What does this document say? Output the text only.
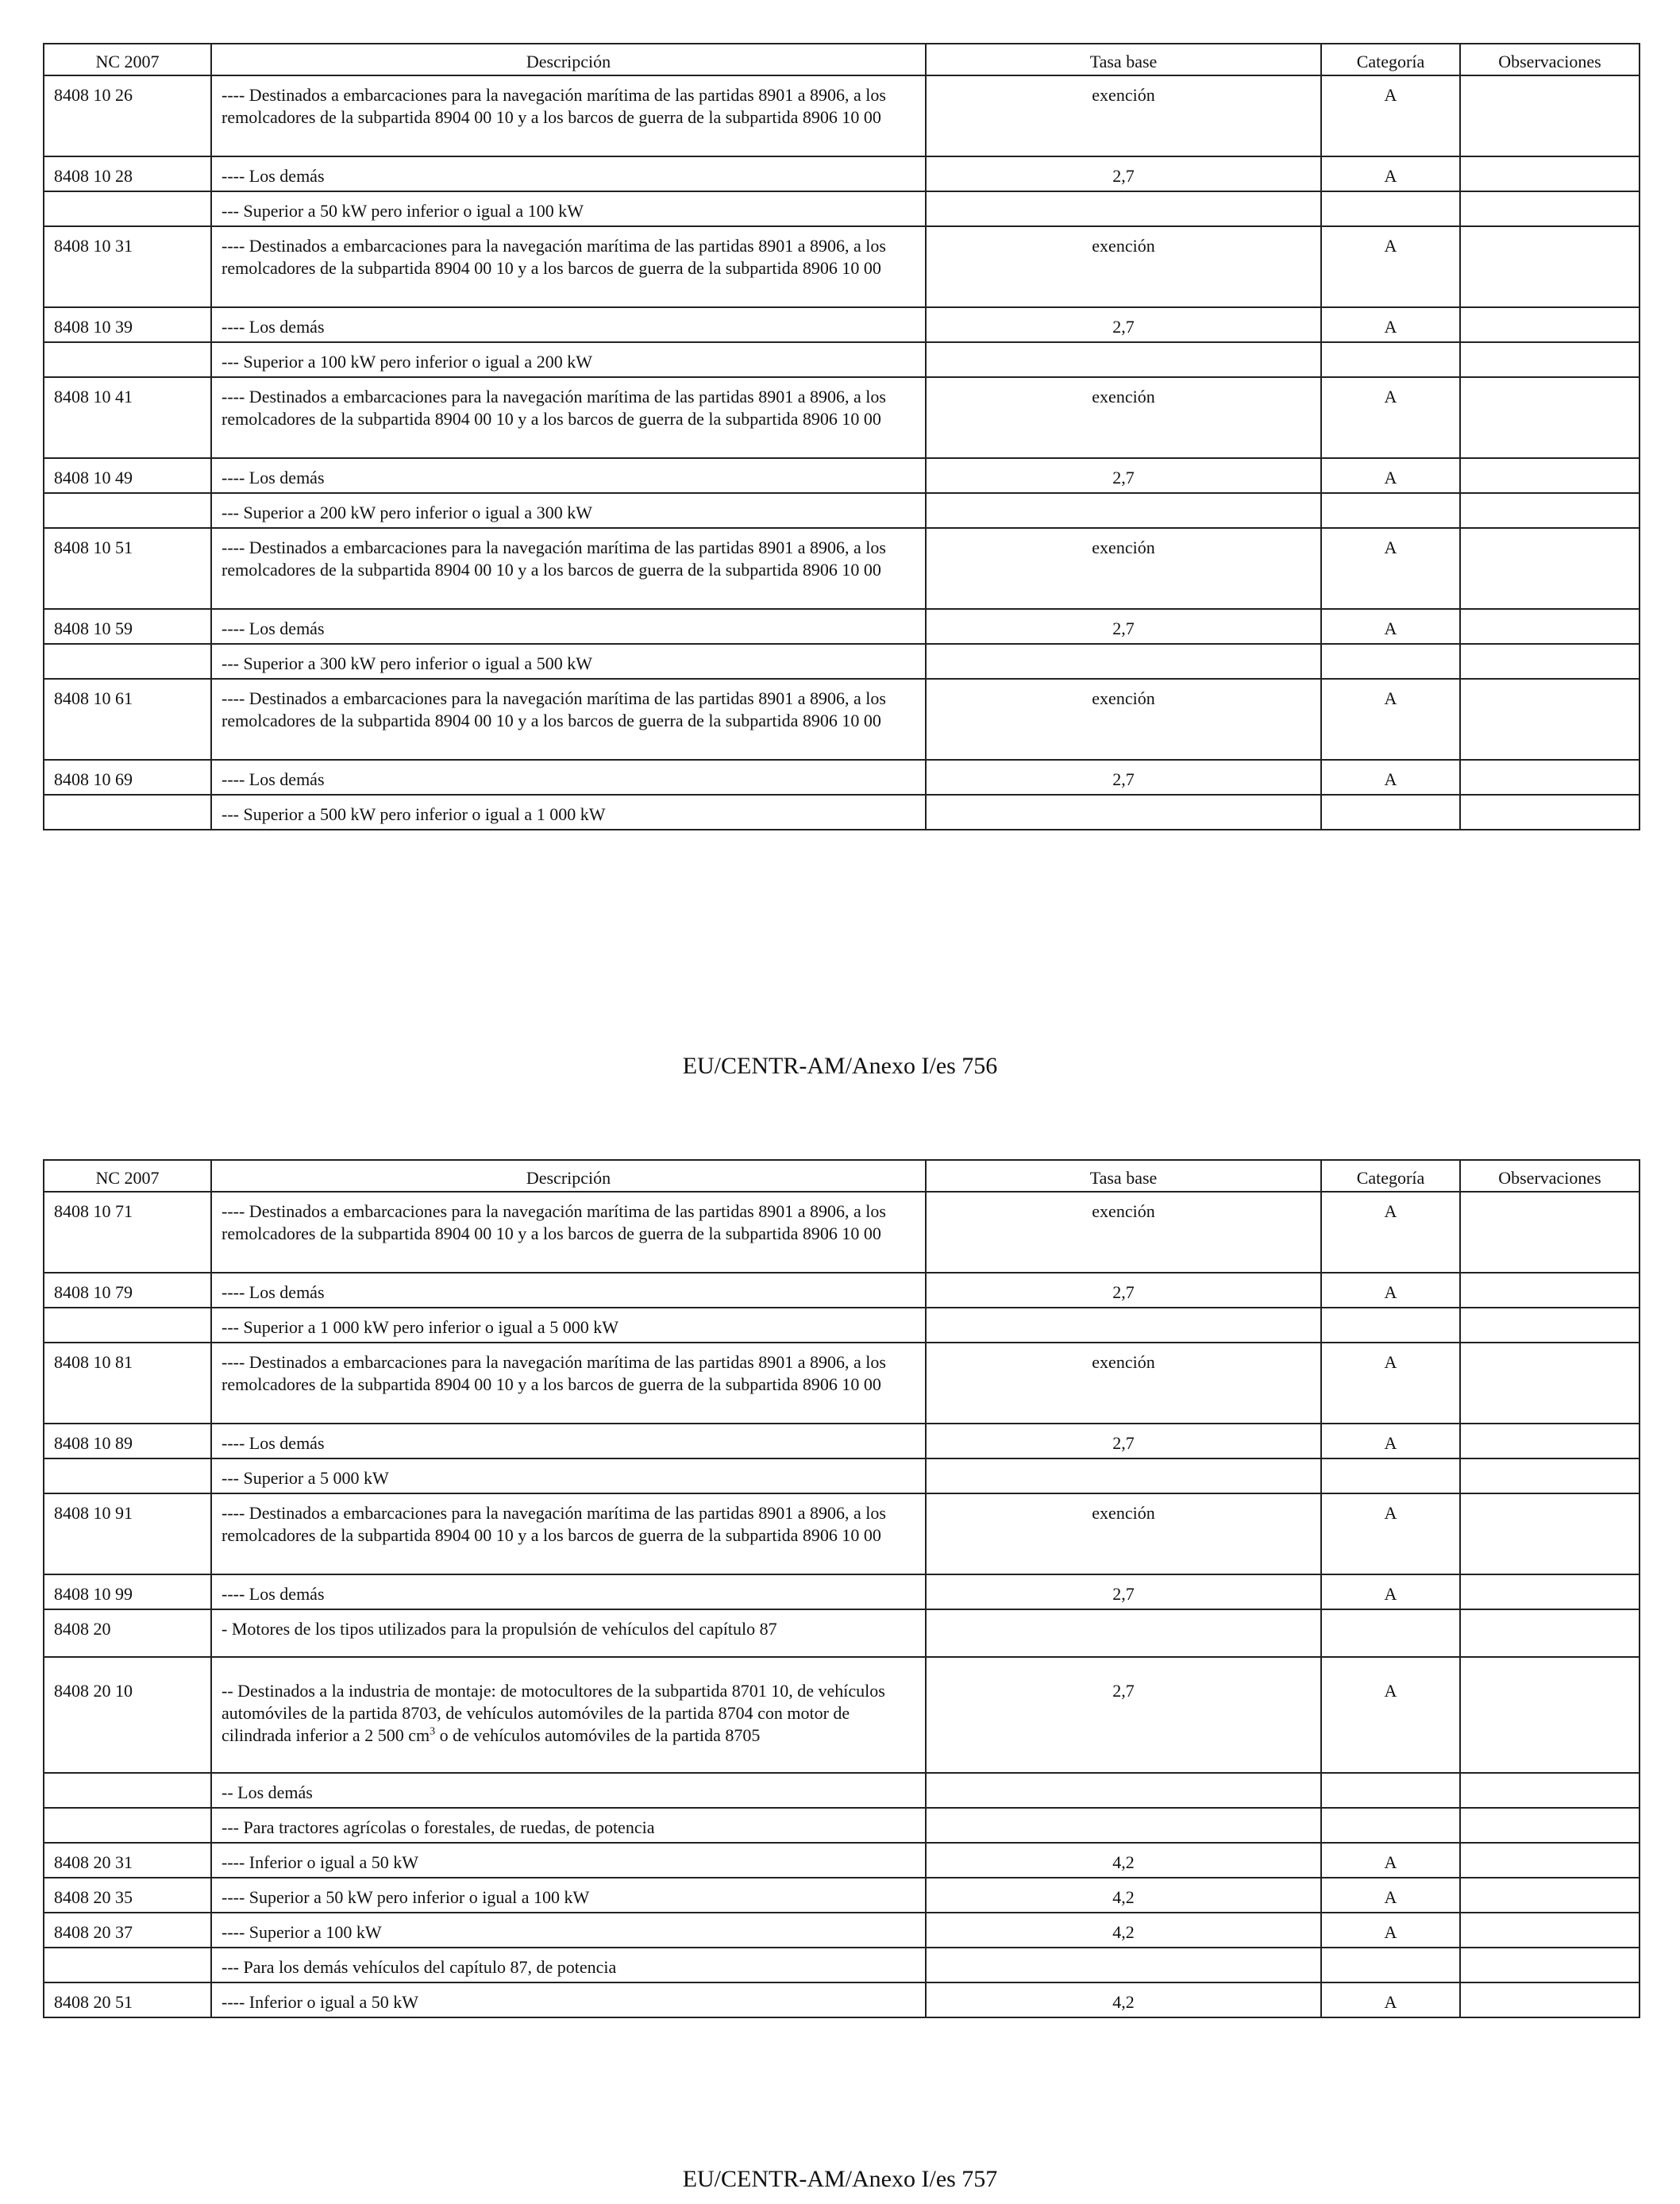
NC 2007	Descripción	Tasa base	Categoría	Observaciones
8408 10 26	---- Destinados a embarcaciones para la navegación marítima de las partidas 8901 a 8906, a los remolcadores de la subpartida 8904 00 10 y a los barcos de guerra de la subpartida 8906 10 00	exención	A	
8408 10 28	---- Los demás	2,7	A	
	--- Superior a 50 kW pero inferior o igual a 100 kW			
8408 10 31	---- Destinados a embarcaciones para la navegación marítima de las partidas 8901 a 8906, a los remolcadores de la subpartida 8904 00 10 y a los barcos de guerra de la subpartida 8906 10 00	exención	A	
8408 10 39	---- Los demás	2,7	A	
	--- Superior a 100 kW pero inferior o igual a 200 kW			
8408 10 41	---- Destinados a embarcaciones para la navegación marítima de las partidas 8901 a 8906, a los remolcadores de la subpartida 8904 00 10 y a los barcos de guerra de la subpartida 8906 10 00	exención	A	
8408 10 49	---- Los demás	2,7	A	
	--- Superior a 200 kW pero inferior o igual a 300 kW			
8408 10 51	---- Destinados a embarcaciones para la navegación marítima de las partidas 8901 a 8906, a los remolcadores de la subpartida 8904 00 10 y a los barcos de guerra de la subpartida 8906 10 00	exención	A	
8408 10 59	---- Los demás	2,7	A	
	--- Superior a 300 kW pero inferior o igual a 500 kW			
8408 10 61	---- Destinados a embarcaciones para la navegación marítima de las partidas 8901 a 8906, a los remolcadores de la subpartida 8904 00 10 y a los barcos de guerra de la subpartida 8906 10 00	exención	A	
8408 10 69	---- Los demás	2,7	A	
	--- Superior a 500 kW pero inferior o igual a 1 000 kW			
EU/CENTR-AM/Anexo I/es 756
NC 2007	Descripción	Tasa base	Categoría	Observaciones
8408 10 71	---- Destinados a embarcaciones para la navegación marítima de las partidas 8901 a 8906, a los remolcadores de la subpartida 8904 00 10 y a los barcos de guerra de la subpartida 8906 10 00	exención	A	
8408 10 79	---- Los demás	2,7	A	
	--- Superior a 1 000 kW pero inferior o igual a 5 000 kW			
8408 10 81	---- Destinados a embarcaciones para la navegación marítima de las partidas 8901 a 8906, a los remolcadores de la subpartida 8904 00 10 y a los barcos de guerra de la subpartida 8906 10 00	exención	A	
8408 10 89	---- Los demás	2,7	A	
	--- Superior a 5 000 kW			
8408 10 91	---- Destinados a embarcaciones para la navegación marítima de las partidas 8901 a 8906, a los remolcadores de la subpartida 8904 00 10 y a los barcos de guerra de la subpartida 8906 10 00	exención	A	
8408 10 99	---- Los demás	2,7	A	
8408 20	- Motores de los tipos utilizados para la propulsión de vehículos del capítulo 87			
8408 20 10	-- Destinados a la industria de montaje: de motocultores de la subpartida 8701 10, de vehículos automóviles de la partida 8703, de vehículos automóviles de la partida 8704 con motor de cilindrada inferior a 2 500 $cm^3$ o de vehículos automóviles de la partida 8705	2,7	A	
	-- Los demás			
	--- Para tractores agrícolas o forestales, de ruedas, de potencia			
8408 20 31	---- Inferior o igual a 50 kW	4,2	A	
8408 20 35	---- Superior a 50 kW pero inferior o igual a 100 kW	4,2	A	
8408 20 37	---- Superior a 100 kW	4,2	A	
	--- Para los demás vehículos del capítulo 87, de potencia			
8408 20 51	---- Inferior o igual a 50 kW	4,2	A	
EU/CENTR-AM/Anexo I/es 757
